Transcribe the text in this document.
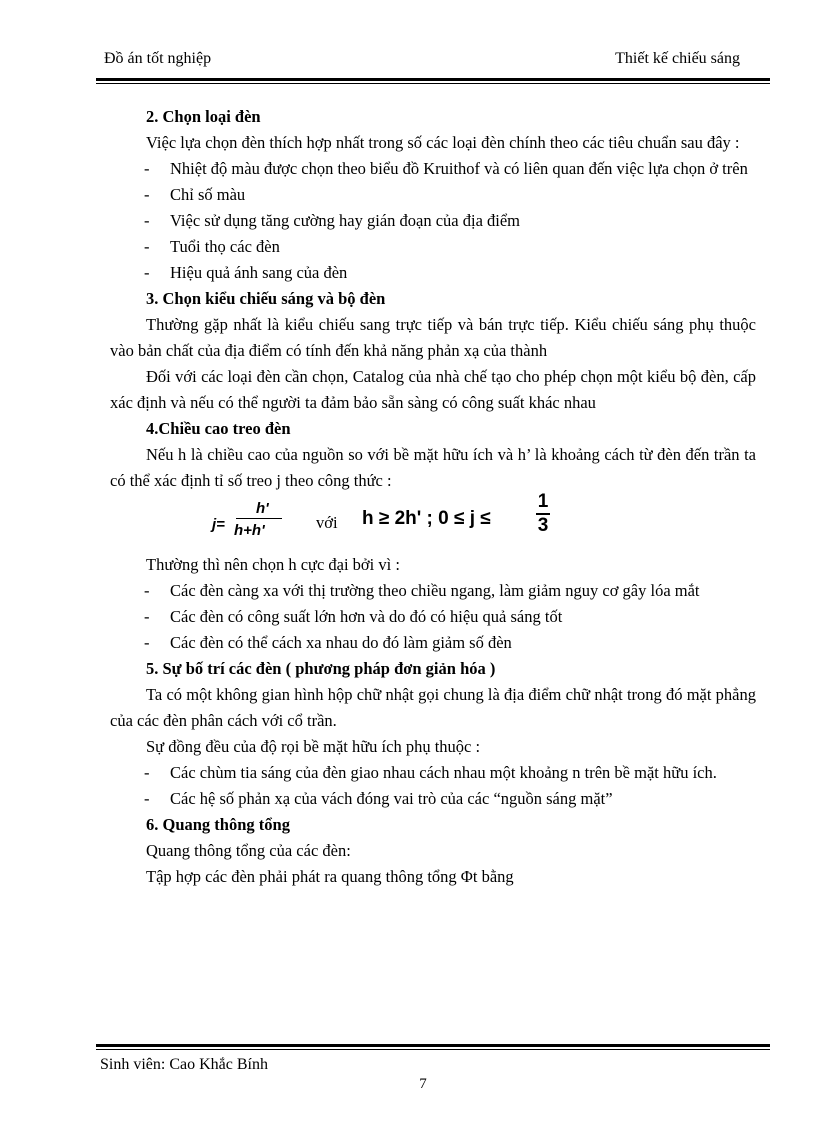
Đồ án tốt nghiệp	Thiết kế chiếu sáng

2. Chọn loại đèn

Việc lựa chọn đèn thích hợp nhất trong số các loại đèn chính theo các tiêu chuẩn sau đây :

- Nhiệt độ màu được chọn theo biểu đồ Kruithof và có liên quan đến việc lựa chọn ở trên

- Chỉ số màu

- Việc sử dụng tăng cường hay gián đoạn của địa điểm

- Tuổi thọ các đèn

- Hiệu quả ánh sang của đèn

3. Chọn kiểu chiếu sáng và bộ đèn

Thường gặp nhất là kiểu chiếu sang trực tiếp và bán trực tiếp. Kiểu chiếu sáng phụ thuộc vào bản chất của địa điểm có tính đến khả năng phản xạ của thành

Đối với các loại đèn cần chọn, Catalog của nhà chế tạo cho phép chọn một kiểu bộ đèn, cấp xác định và nếu có thể người ta đảm bảo sẵn sàng có công suất khác nhau

4.Chiều cao treo đèn

Nếu h là chiều cao của nguồn so với bề mặt hữu ích và h’ là khoảng cách từ đèn đến trần ta có thể xác định tỉ số treo j theo công thức :

j=
h'
h+h'	với h ≥ 2h' ; 0 ≤ j ≤
1
3

Thường thì nên chọn h cực đại bởi vì :

- Các đèn càng xa với thị trường theo chiều ngang, làm giảm nguy cơ gây lóa mắt

- Các đèn có công suất lớn hơn và do đó có hiệu quả sáng tốt

- Các đèn có thể cách xa nhau do đó làm giảm số đèn

5. Sự bố trí các đèn ( phương pháp đơn giản hóa )

Ta có một không gian hình hộp chữ nhật gọi chung là địa điểm chữ nhật trong đó mặt phẳng của các đèn phân cách với cổ trần.

Sự đồng đều của độ rọi bề mặt hữu ích phụ thuộc :

- Các chùm tia sáng của đèn giao nhau cách nhau một khoảng n trên bề mặt hữu ích.

- Các hệ số phản xạ của vách đóng vai trò của các “nguồn sáng mặt”

6. Quang thông tổng

Quang thông tổng của các đèn:

Tập hợp các đèn phải phát ra quang thông tổng Φt bằng

Sinh viên: Cao Khắc Bính
7
